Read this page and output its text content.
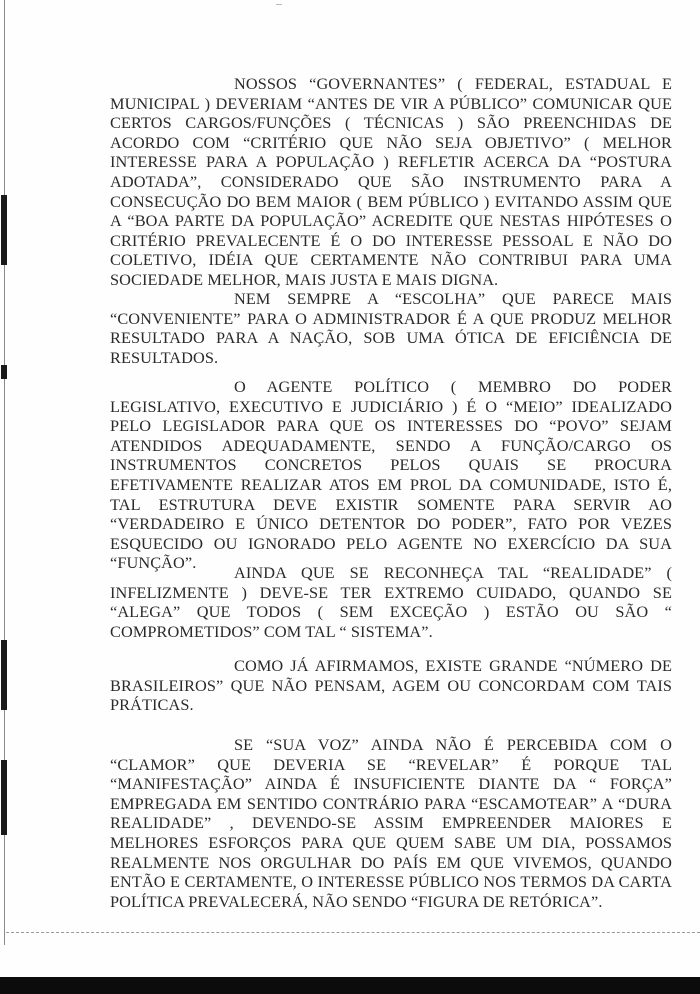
NOSSOS “GOVERNANTES” ( FEDERAL, ESTADUAL E MUNICIPAL ) DEVERIAM “ANTES DE VIR A PÚBLICO” COMUNICAR QUE CERTOS CARGOS/FUNÇÕES ( TÉCNICAS ) SÃO PREENCHIDAS DE ACORDO COM “CRITÉRIO QUE NÃO SEJA OBJETIVO” ( MELHOR INTERESSE PARA A POPULAÇÃO ) REFLETIR ACERCA DA “POSTURA ADOTADA”, CONSIDERADO QUE SÃO INSTRUMENTO PARA A CONSECUÇÃO DO BEM MAIOR ( BEM PÚBLICO ) EVITANDO ASSIM QUE A “BOA PARTE DA POPULAÇÃO” ACREDITE QUE NESTAS HIPÓTESES O CRITÉRIO PREVALECENTE É O DO INTERESSE PESSOAL E NÃO DO COLETIVO, IDÉIA QUE CERTAMENTE NÃO CONTRIBUI PARA UMA SOCIEDADE MELHOR, MAIS JUSTA E MAIS DIGNA.

NEM SEMPRE A “ESCOLHA” QUE PARECE MAIS “CONVENIENTE” PARA O ADMINISTRADOR É A QUE PRODUZ MELHOR RESULTADO PARA A NAÇÃO, SOB UMA ÓTICA DE EFICIÊNCIA DE RESULTADOS.

O AGENTE POLÍTICO ( MEMBRO DO PODER LEGISLATIVO, EXECUTIVO E JUDICIÁRIO ) É O “MEIO” IDEALIZADO PELO LEGISLADOR PARA QUE OS INTERESSES DO “POVO” SEJAM ATENDIDOS ADEQUADAMENTE, SENDO A FUNÇÃO/CARGO OS INSTRUMENTOS CONCRETOS PELOS QUAIS SE PROCURA EFETIVAMENTE REALIZAR ATOS EM PROL DA COMUNIDADE, ISTO É, TAL ESTRUTURA DEVE EXISTIR SOMENTE PARA SERVIR AO “VERDADEIRO E ÚNICO DETENTOR DO PODER”, FATO POR VEZES ESQUECIDO OU IGNORADO PELO AGENTE NO EXERCÍCIO DA SUA “FUNÇÃO”.

AINDA QUE SE RECONHEÇA TAL “REALIDADE” ( INFELIZMENTE ) DEVE-SE TER EXTREMO CUIDADO, QUANDO SE “ALEGA” QUE TODOS ( SEM EXCEÇÃO ) ESTÃO OU SÃO “ COMPROMETIDOS” COM TAL “ SISTEMA”.

COMO JÁ AFIRMAMOS, EXISTE GRANDE “NÚMERO DE BRASILEIROS” QUE NÃO PENSAM, AGEM OU CONCORDAM COM TAIS PRÁTICAS.

SE “SUA VOZ” AINDA NÃO É PERCEBIDA COM O “CLAMOR” QUE DEVERIA SE “REVELAR” É PORQUE TAL “MANIFESTAÇÃO” AINDA É INSUFICIENTE DIANTE DA “ FORÇA” EMPREGADA EM SENTIDO CONTRÁRIO PARA “ESCAMOTEAR” A “DURA REALIDADE” , DEVENDO-SE ASSIM EMPREENDER MAIORES E MELHORES ESFORÇOS PARA QUE QUEM SABE UM DIA, POSSAMOS REALMENTE NOS ORGULHAR DO PAÍS EM QUE VIVEMOS, QUANDO ENTÃO E CERTAMENTE, O INTERESSE PÚBLICO NOS TERMOS DA CARTA POLÍTICA PREVALECERÁ, NÃO SENDO “FIGURA DE RETÓRICA”.
